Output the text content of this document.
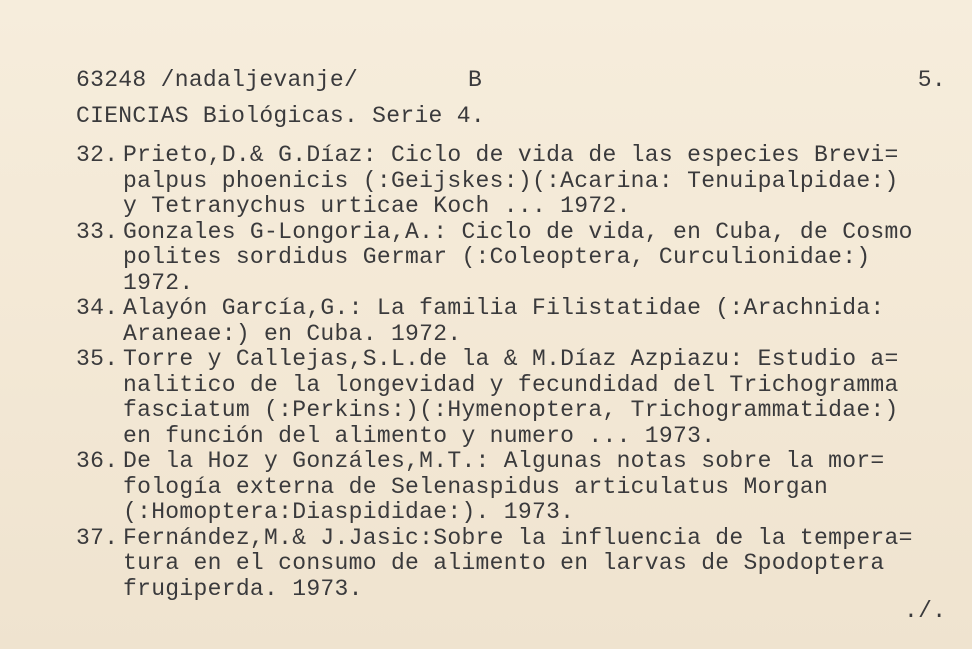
63248 /nadaljevanje/	B	5.
CIENCIAS Biológicas. Serie 4.
32. Prieto,D.& G.Díaz: Ciclo de vida de las especies Brevi=
palpus phoenicis (:Geijskes:)(:Acarina: Tenuipalpidae:)
y Tetranychus urticae Koch ... 1972.
33. Gonzales G-Longoria,A.: Ciclo de vida, en Cuba, de Cosmo
polites sordidus Germar (:Coleoptera, Curculionidae:)
1972.
34. Alayón García,G.: La familia Filistatidae (:Arachnida:
Araneae:) en Cuba. 1972.
35. Torre y Callejas,S.L.de la & M.Díaz Azpiazu: Estudio a=
nalitico de la longevidad y fecundidad del Trichogramma
fasciatum (:Perkins:)(:Hymenoptera, Trichogrammatidae:)
en función del alimento y numero ... 1973.
36. De la Hoz y Gonzáles,M.T.: Algunas notas sobre la mor=
fología externa de Selenaspidus articulatus Morgan
(:Homoptera:Diaspididae:). 1973.
37. Fernández,M.& J.Jasic:Sobre la influencia de la tempera=
tura en el consumo de alimento en larvas de Spodoptera
frugiperda. 1973.
./.
